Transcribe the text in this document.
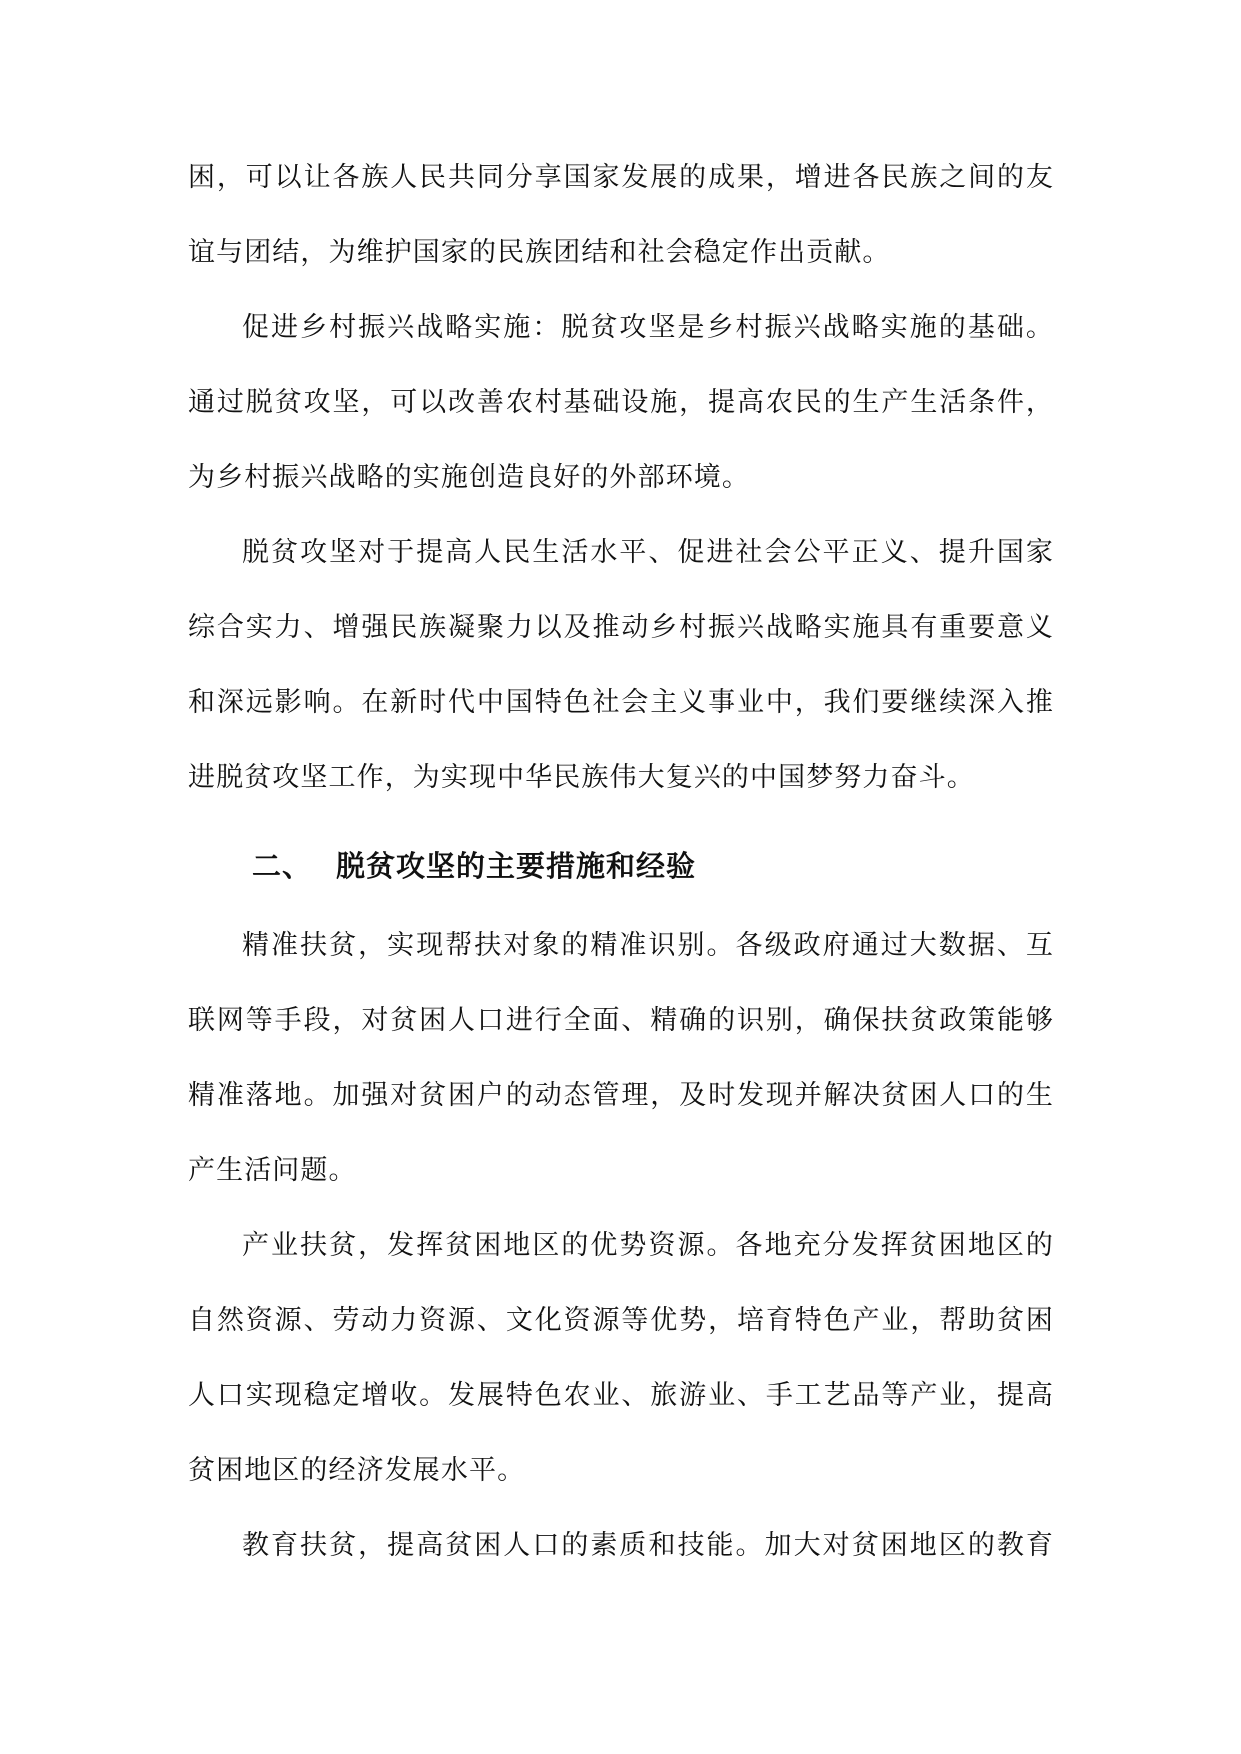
困，可以让各族人民共同分享国家发展的成果，增进各民族之间的友
谊与团结，为维护国家的民族团结和社会稳定作出贡献。
促进乡村振兴战略实施：脱贫攻坚是乡村振兴战略实施的基础。
通过脱贫攻坚，可以改善农村基础设施，提高农民的生产生活条件，
为乡村振兴战略的实施创造良好的外部环境。
脱贫攻坚对于提高人民生活水平、促进社会公平正义、提升国家
综合实力、增强民族凝聚力以及推动乡村振兴战略实施具有重要意义
和深远影响。在新时代中国特色社会主义事业中，我们要继续深入推
进脱贫攻坚工作，为实现中华民族伟大复兴的中国梦努力奋斗。
二、 脱贫攻坚的主要措施和经验
精准扶贫，实现帮扶对象的精准识别。各级政府通过大数据、互
联网等手段，对贫困人口进行全面、精确的识别，确保扶贫政策能够
精准落地。加强对贫困户的动态管理，及时发现并解决贫困人口的生
产生活问题。
产业扶贫，发挥贫困地区的优势资源。各地充分发挥贫困地区的
自然资源、劳动力资源、文化资源等优势，培育特色产业，帮助贫困
人口实现稳定增收。发展特色农业、旅游业、手工艺品等产业，提高
贫困地区的经济发展水平。
教育扶贫，提高贫困人口的素质和技能。加大对贫困地区的教育
